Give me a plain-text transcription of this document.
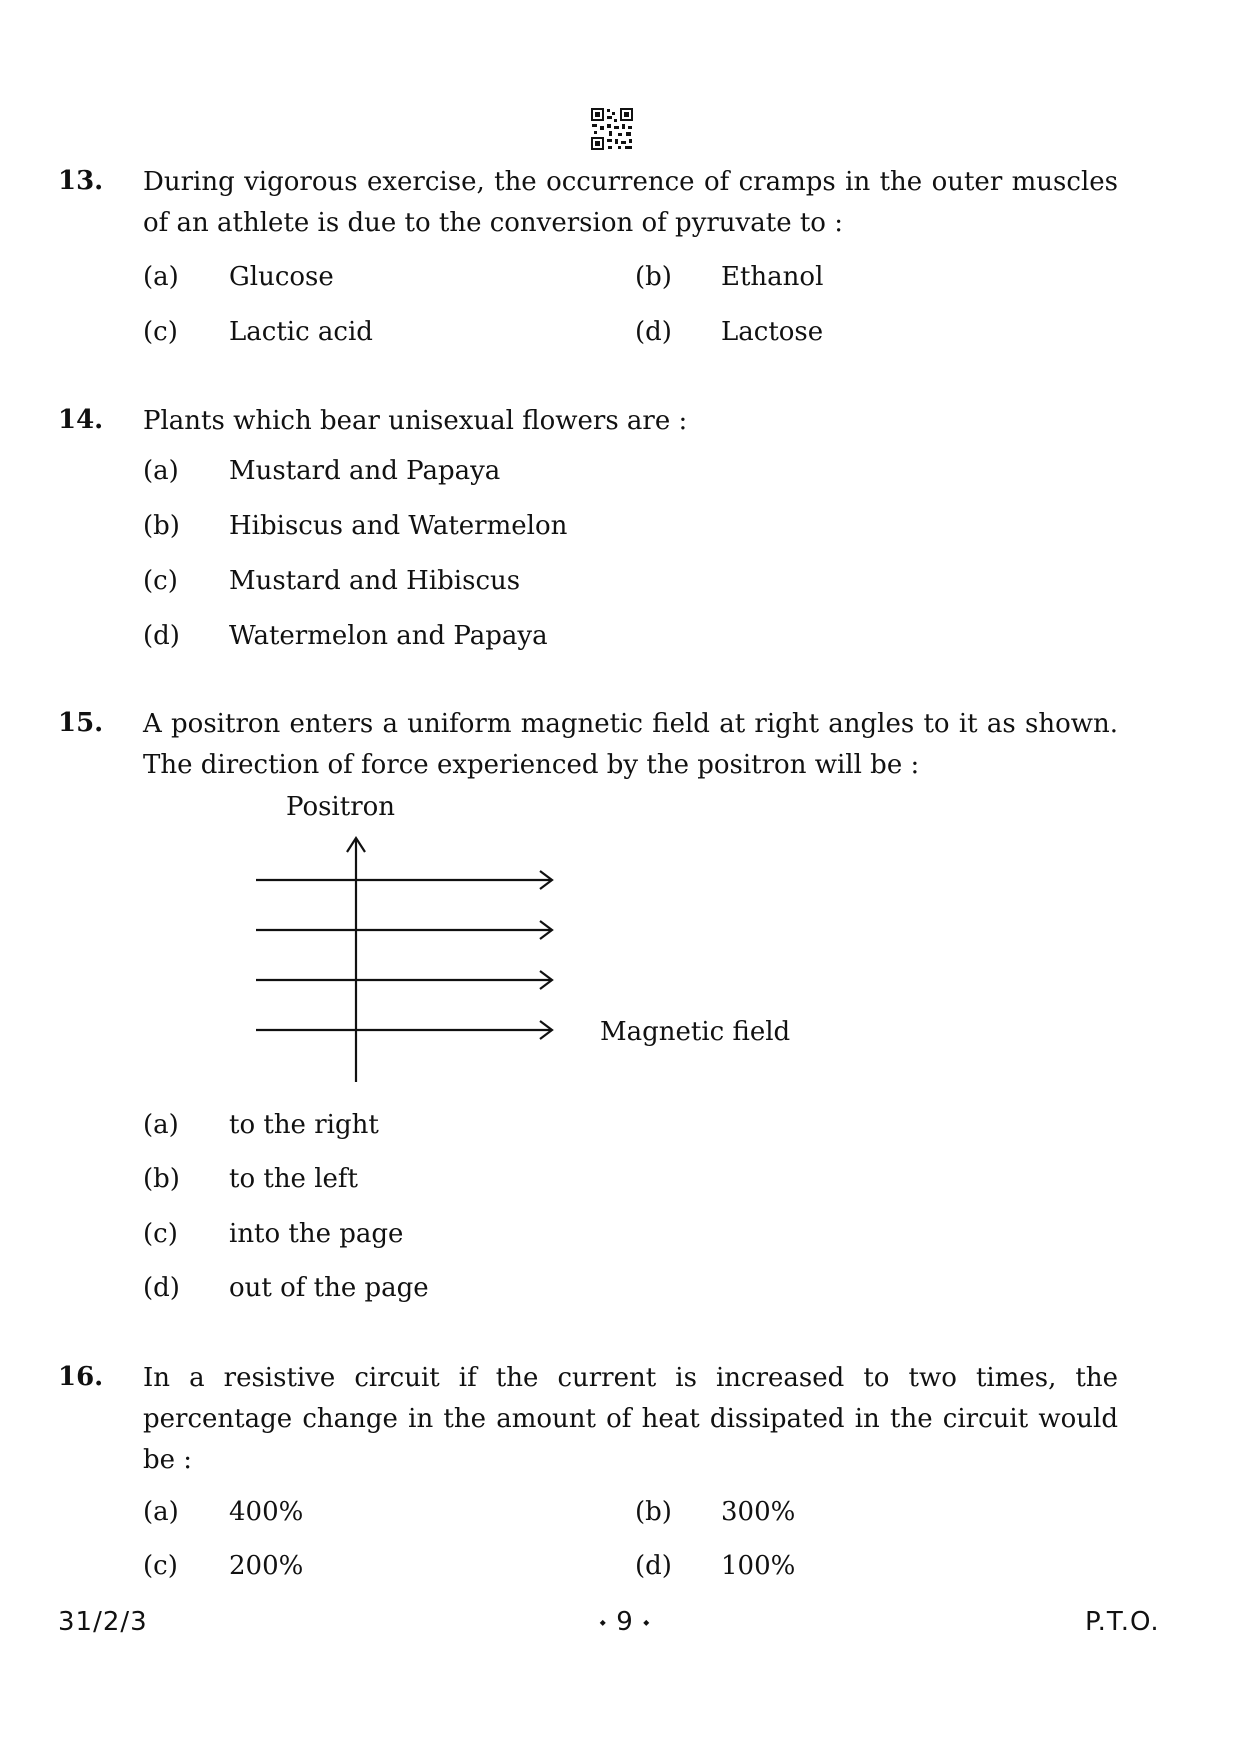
13. During vigorous exercise, the occurrence of cramps in the outer muscles
of an athlete is due to the conversion of pyruvate to :
(a) Glucose	(b) Ethanol
(c) Lactic acid	(d) Lactose
14. Plants which bear unisexual flowers are :
(a) Mustard and Papaya
(b) Hibiscus and Watermelon
(c) Mustard and Hibiscus
(d) Watermelon and Papaya
15. A positron enters a uniform magnetic field at right angles to it as shown.
The direction of force experienced by the positron will be :
Positron
Magnetic field
(a) to the right
(b) to the left
(c) into the page
(d) out of the page
16. In a resistive circuit if the current is increased to two times, the
percentage change in the amount of heat dissipated in the circuit would
be :
(a) 400%	(b) 300%
(c) 200%	(d) 100%
31/2/3	⬩ 9 ⬩	P.T.O.
